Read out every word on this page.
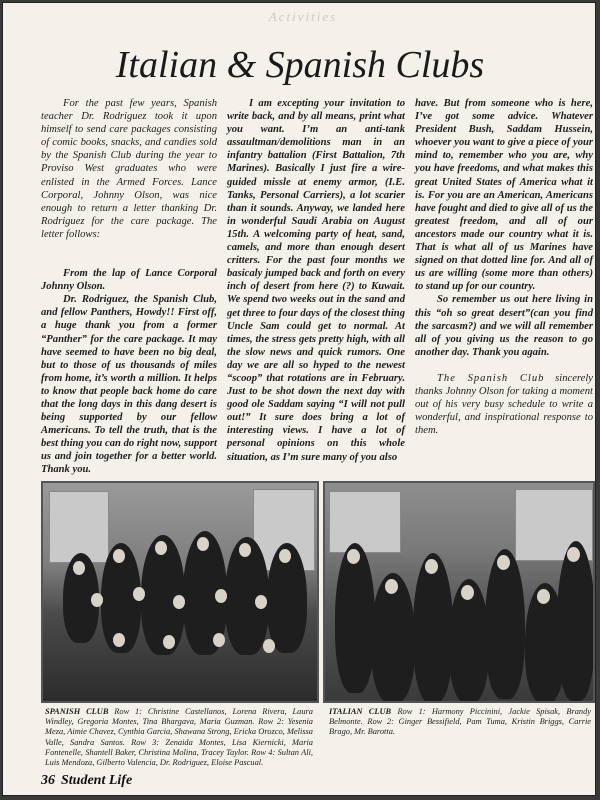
Activities
Italian & Spanish Clubs

For the past few years, Spanish teacher Dr. Rodriguez took it upon himself to send care packages consisting of comic books, snacks, and candies sold by the Spanish Club during the year to Proviso West graduates who were enlisted in the Armed Forces. Lance Corporal, Johnny Olson, was nice enough to return a letter thanking Dr. Rodriguez for the care package. The letter follows:

From the lap of Lance Corporal Johnny Olson.

Dr. Rodriguez, the Spanish Club, and fellow Panthers, Howdy!! First off, a huge thank you from a former “Panther” for the care package. It may have seemed to have been no big deal, but to those of us thousands of miles from home, it’s worth a million. It helps to know that people back home do care that the long days in this dang desert is being supported by our fellow Americans. To tell the truth, that is the best thing you can do right now, support us and join together for a better world. Thank you.

I am excepting your invitation to write back, and by all means, print what you want. I’m an anti-tank assaultman/demolitions man in an infantry battalion (First Battalion, 7th Marines). Basically I just fire a wire-guided missle at enemy armor, (I.E. Tanks, Personal Carriers), a lot scarier than it sounds. Anyway, we landed here in wonderful Saudi Arabia on August 15th. A welcoming party of heat, sand, camels, and more than enough desert critters. For the past four months we basicaly jumped back and forth on every inch of desert from here (?) to Kuwait. We spend two weeks out in the sand and get three to four days of the closest thing Uncle Sam could get to normal. At times, the stress gets pretty high, with all the slow news and quick rumors. One day we are all so hyped to the newest “scoop” that rotations are in February. Just to be shot down the next day with good ole Saddam saying “I will not pull out!” It sure does bring a lot of interesting views. I have a lot of personal opinions on this whole situation, as I’m sure many of you also

have. But from someone who is here, I’ve got some advice. Whatever President Bush, Saddam Hussein, whoever you want to give a piece of your mind to, remember who you are, why you have freedoms, and what makes this great United States of America what it is. For you are an American, Americans have fought and died to give all of us the greatest freedom, and all of our ancestors made our country what it is. That is what all of us Marines have signed on that dotted line for. And all of us are willing (some more than others) to stand up for our country.

So remember us out here living in this “oh so great desert”(can you find the sarcasm?) and we will all remember all of you giving us the reason to go another day. Thank you again.

The Spanish Club sincerely thanks Johnny Olson for taking a moment out of his very busy schedule to write a wonderful, and inspirational response to them.

SPANISH CLUB Row 1: Christine Castellanos, Lorena Rivera, Laura Windley, Gregoria Montes, Tina Bhargava, Maria Guzman. Row 2: Yesenia Meza, Aimie Chavez, Cynthia Garcia, Shawana Strong, Ericka Orozco, Melissa Valle, Sandra Santos. Row 3: Zenaida Montes, Lisa Kiernicki, Maria Fontenelle, Shantell Baker, Christina Molina, Tracey Taylor. Row 4: Sultan Ali, Luis Mendoza, Gilberto Valencia, Dr. Rodriguez, Eloise Pascual.
ITALIAN CLUB Row 1: Harmony Piccinini, Jackie Spisak, Brandy Belmonte. Row 2: Ginger Bessifield, Pam Tuma, Kristin Briggs, Carrie Brago, Mr. Barotta.
36 Student Life
